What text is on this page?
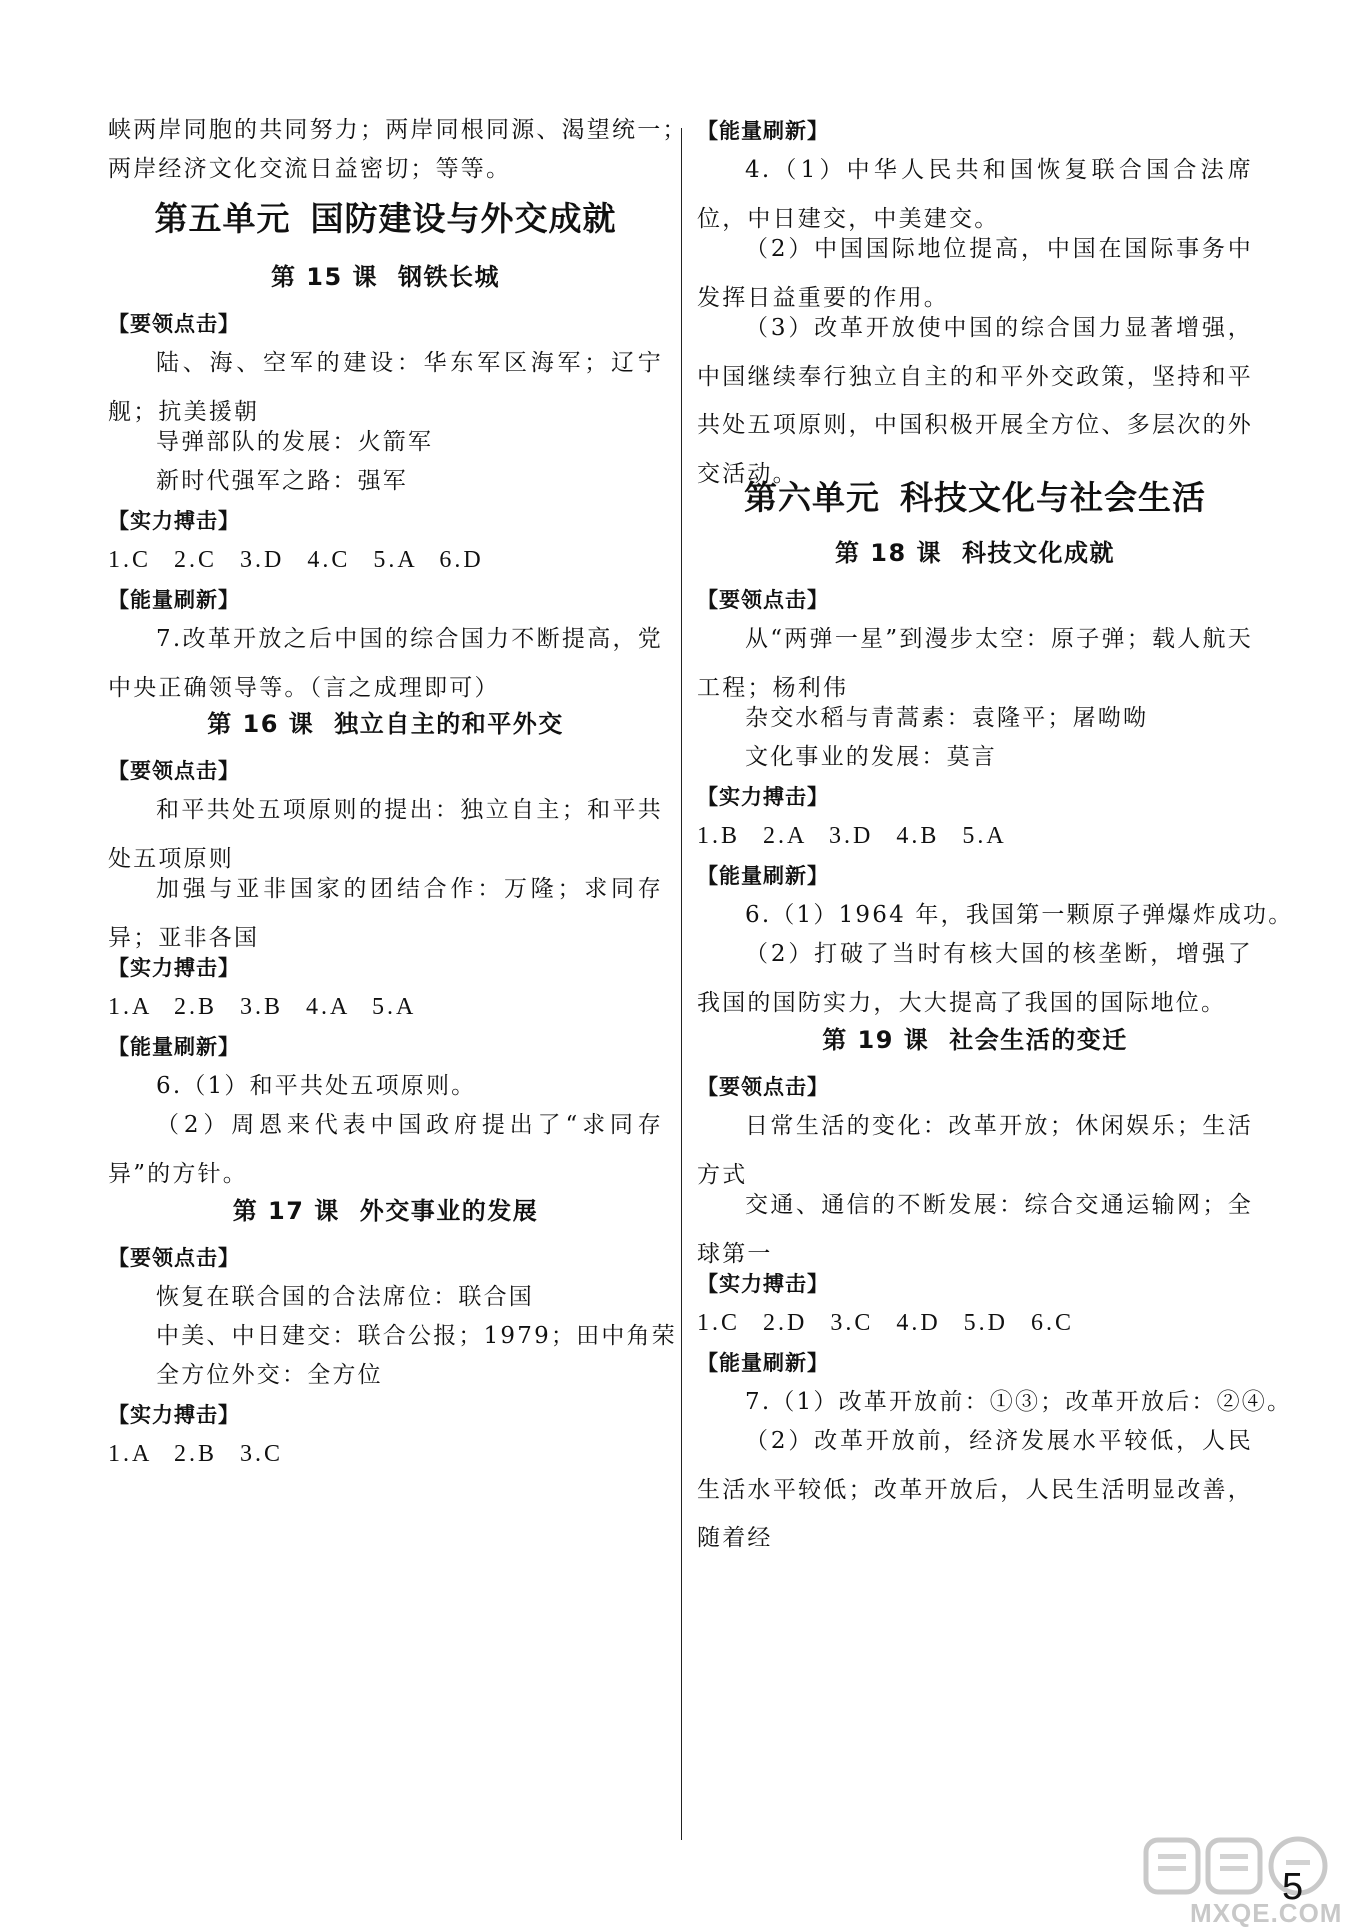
峡两岸同胞的共同努力；两岸同根同源、渴望统一；

两岸经济文化交流日益密切；等等。

第五单元 国防建设与外交成就
第 15 课 钢铁长城

【要领点击】

陆、海、空军的建设：华东军区海军；辽宁舰；抗美援朝

导弹部队的发展：火箭军

新时代强军之路：强军

【实力搏击】

1.C 2.C 3.D 4.C 5.A 6.D

【能量刷新】

7.改革开放之后中国的综合国力不断提高，党中央正确领导等。（言之成理即可）

第 16 课 独立自主的和平外交

【要领点击】

和平共处五项原则的提出：独立自主；和平共处五项原则

加强与亚非国家的团结合作：万隆；求同存异；亚非各国

【实力搏击】

1.A 2.B 3.B 4.A 5.A

【能量刷新】

6.（1）和平共处五项原则。

（2）周恩来代表中国政府提出了“求同存异”的方针。

第 17 课 外交事业的发展

【要领点击】

恢复在联合国的合法席位：联合国

中美、中日建交：联合公报；1979；田中角荣

全方位外交：全方位

【实力搏击】

1.A 2.B 3.C

【能量刷新】

4.（1）中华人民共和国恢复联合国合法席位，中日建交，中美建交。

（2）中国国际地位提高，中国在国际事务中发挥日益重要的作用。

（3）改革开放使中国的综合国力显著增强，中国继续奉行独立自主的和平外交政策，坚持和平共处五项原则，中国积极开展全方位、多层次的外交活动。

第六单元 科技文化与社会生活
第 18 课 科技文化成就

【要领点击】

从“两弹一星”到漫步太空：原子弹；载人航天工程；杨利伟

杂交水稻与青蒿素：袁隆平；屠呦呦

文化事业的发展：莫言

【实力搏击】

1.B 2.A 3.D 4.B 5.A

【能量刷新】

6.（1）1964 年，我国第一颗原子弹爆炸成功。

（2）打破了当时有核大国的核垄断，增强了我国的国防实力，大大提高了我国的国际地位。

第 19 课 社会生活的变迁

【要领点击】

日常生活的变化：改革开放；休闲娱乐；生活方式

交通、通信的不断发展：综合交通运输网；全球第一

【实力搏击】

1.C 2.D 3.C 4.D 5.D 6.C

【能量刷新】

7.（1）改革开放前：①③；改革开放后：②④。

（2）改革开放前，经济发展水平较低，人民生活水平较低；改革开放后，人民生活明显改善，随着经

MXQE.COM
5
